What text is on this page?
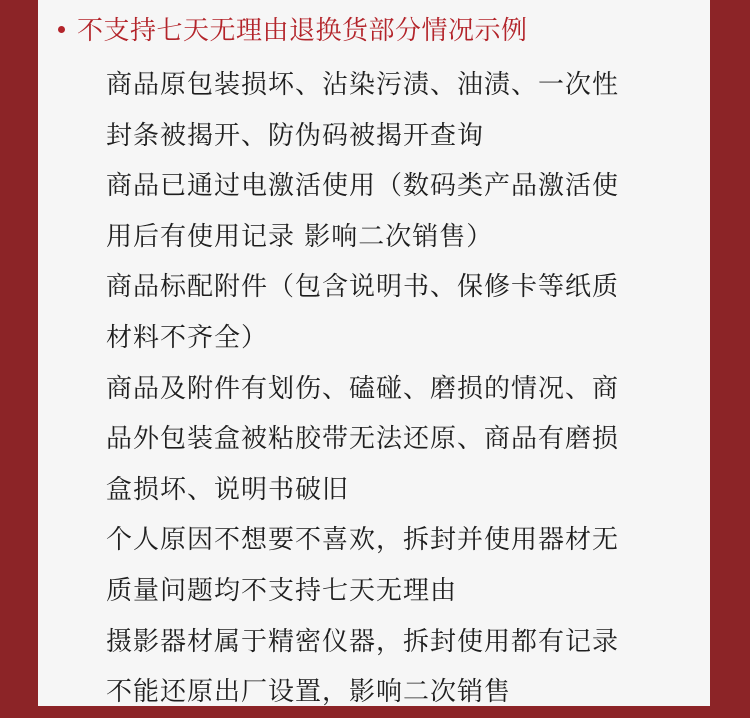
不支持七天无理由退换货部分情况示例
商品原包装损坏、沾染污渍、油渍、一次性
封条被揭开、防伪码被揭开查询
商品已通过电激活使用（数码类产品激活使
用后有使用记录 影响二次销售）
商品标配附件（包含说明书、保修卡等纸质
材料不齐全）
商品及附件有划伤、磕碰、磨损的情况、商
品外包装盒被粘胶带无法还原、商品有磨损
盒损坏、说明书破旧
个人原因不想要不喜欢，拆封并使用器材无
质量问题均不支持七天无理由
摄影器材属于精密仪器，拆封使用都有记录
不能还原出厂设置，影响二次销售
